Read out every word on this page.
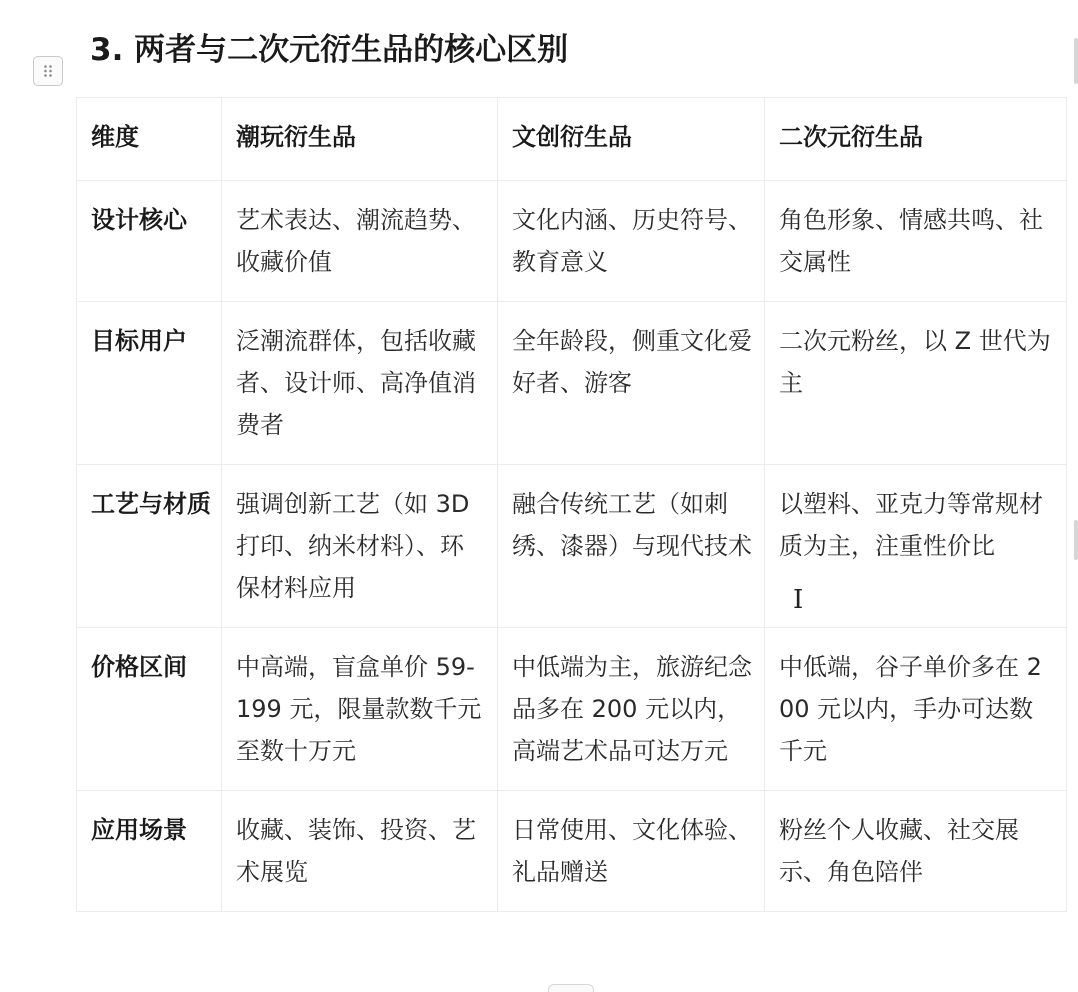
3. 两者与二次元衍生品的核心区别
维度	潮玩衍生品	文创衍生品	二次元衍生品
设计核心	艺术表达、潮流趋势、收藏价值	文化内涵、历史符号、教育意义	角色形象、情感共鸣、社交属性
目标用户	泛潮流群体，包括收藏者、设计师、高净值消费者	全年龄段，侧重文化爱好者、游客	二次元粉丝，以 Z 世代为主
工艺与材质	强调创新工艺（如 3D 打印、纳米材料）、环保材料应用	融合传统工艺（如刺绣、漆器）与现代技术	以塑料、亚克力等常规材质为主，注重性价比
价格区间	中高端，盲盒单价 59-199 元，限量款数千元至数十万元	中低端为主，旅游纪念品多在 200 元以内，高端艺术品可达万元	中低端，谷子单价多在 200 元以内，手办可达数千元
应用场景	收藏、装饰、投资、艺术展览	日常使用、文化体验、礼品赠送	粉丝个人收藏、社交展示、角色陪伴
I
